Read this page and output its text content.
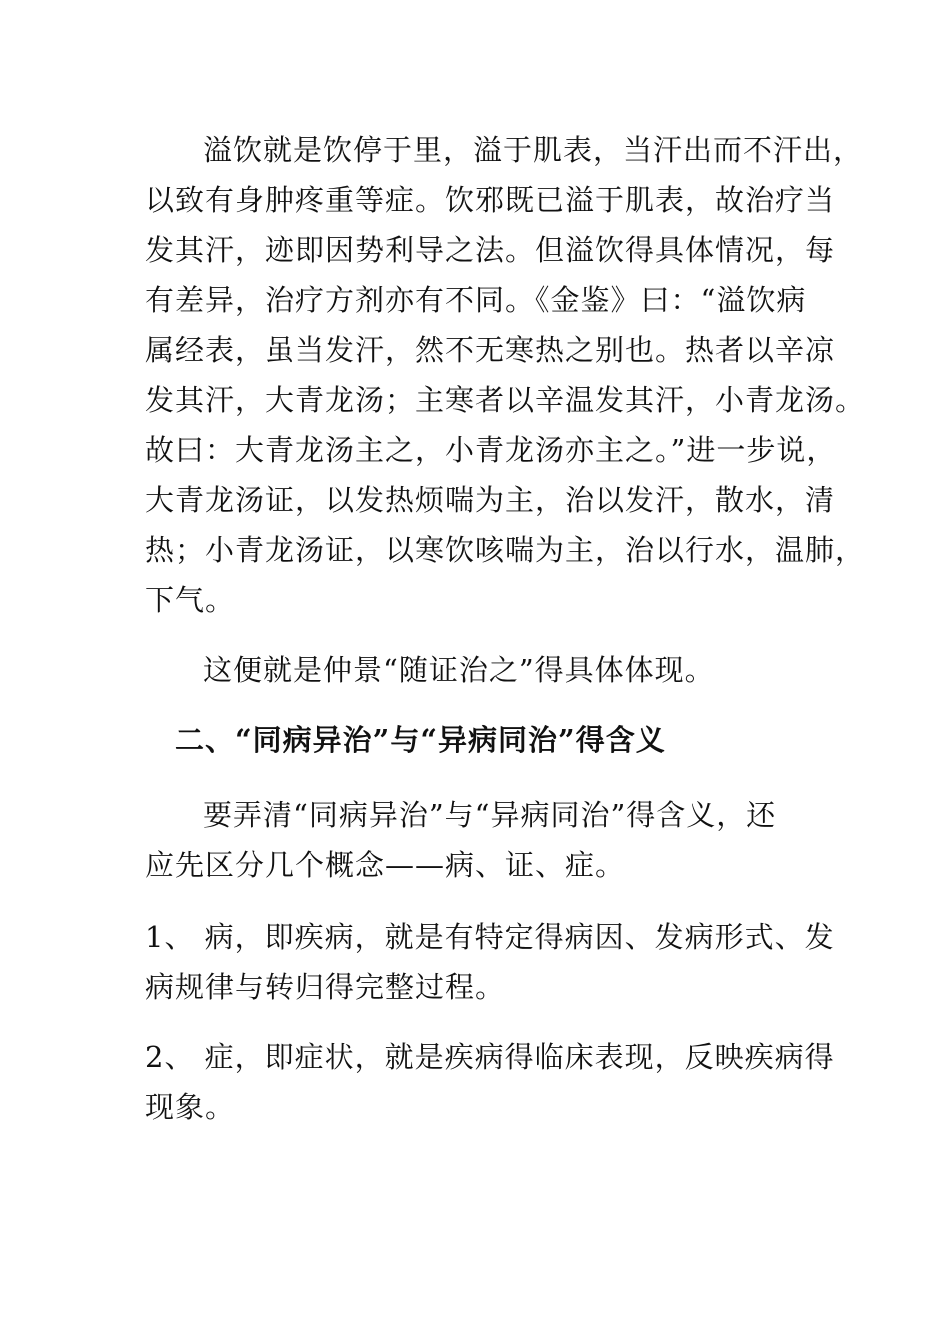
溢饮就是饮停于里，溢于肌表，当汗出而不汗出，
以致有身肿疼重等症。饮邪既已溢于肌表，故治疗当
发其汗，迹即因势利导之法。但溢饮得具体情况，每
有差异，治疗方剂亦有不同。《金鉴》曰：“溢饮病
属经表，虽当发汗，然不无寒热之别也。热者以辛凉
发其汗，大青龙汤；主寒者以辛温发其汗，小青龙汤。
故曰：大青龙汤主之，小青龙汤亦主之。”进一步说，
大青龙汤证，以发热烦喘为主，治以发汗，散水，清
热；小青龙汤证，以寒饮咳喘为主，治以行水，温肺，
下气。
这便就是仲景“随证治之”得具体体现。
二、“同病异治”与“异病同治”得含义
要弄清“同病异治”与“异病同治”得含义，还
应先区分几个概念——病、证、症。
1、 病，即疾病，就是有特定得病因、发病形式、发
病规律与转归得完整过程。
2、 症，即症状，就是疾病得临床表现，反映疾病得
现象。
